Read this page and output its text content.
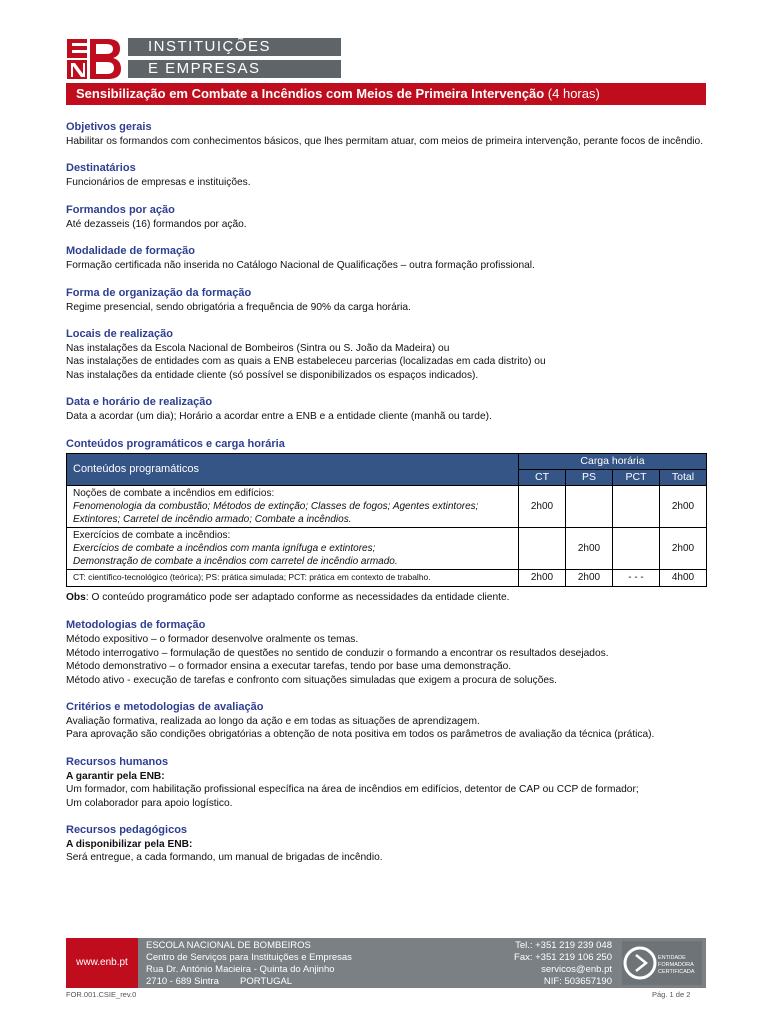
INSTITUIÇÕES
E EMPRESAS
Sensibilização em Combate a Incêndios com Meios de Primeira Intervenção (4 horas)
Objetivos gerais

Habilitar os formandos com conhecimentos básicos, que lhes permitam atuar, com meios de primeira intervenção, perante focos de incêndio.

Destinatários

Funcionários de empresas e instituições.

Formandos por ação

Até dezasseis (16) formandos por ação.

Modalidade de formação

Formação certificada não inserida no Catálogo Nacional de Qualificações – outra formação profissional.

Forma de organização da formação

Regime presencial, sendo obrigatória a frequência de 90% da carga horária.

Locais de realização

Nas instalações da Escola Nacional de Bombeiros (Sintra ou S. João da Madeira) ou

Nas instalações de entidades com as quais a ENB estabeleceu parcerias (localizadas em cada distrito) ou

Nas instalações da entidade cliente (só possível se disponibilizados os espaços indicados).

Data e horário de realização

Data a acordar (um dia); Horário a acordar entre a ENB e a entidade cliente (manhã ou tarde).

Conteúdos programáticos e carga horária
Conteúdos programáticos	Carga horária			
	CT	PS	PCT	Total

Noções de combate a incêndios em edifícios:
Fenomenologia da combustão; Métodos de extinção; Classes de fogos; Agentes extintores;
Extintores; Carretel de incêndio armado; Combate a incêndios.	2h00			2h00

Exercícios de combate a incêndios:
Exercícios de combate a incêndios com manta ignífuga e extintores;
Demonstração de combate a incêndios com carretel de incêndio armado.		2h00		2h00
CT: científico-tecnológico (teórica); PS: prática simulada; PCT: prática em contexto de trabalho.	2h00	2h00	- - -	4h00

Obs: O conteúdo programático pode ser adaptado conforme as necessidades da entidade cliente.

Metodologias de formação

Método expositivo – o formador desenvolve oralmente os temas.

Método interrogativo – formulação de questões no sentido de conduzir o formando a encontrar os resultados desejados.

Método demonstrativo – o formador ensina a executar tarefas, tendo por base uma demonstração.

Método ativo - execução de tarefas e confronto com situações simuladas que exigem a procura de soluções.

Critérios e metodologias de avaliação

Avaliação formativa, realizada ao longo da ação e em todas as situações de aprendizagem.

Para aprovação são condições obrigatórias a obtenção de nota positiva em todos os parâmetros de avaliação da técnica (prática).

Recursos humanos

A garantir pela ENB:

Um formador, com habilitação profissional específica na área de incêndios em edifícios, detentor de CAP ou CCP de formador;

Um colaborador para apoio logístico.

Recursos pedagógicos

A disponibilizar pela ENB:

Será entregue, a cada formando, um manual de brigadas de incêndio.

www.enb.pt
ESCOLA NACIONAL DE BOMBEIROS
Centro de Serviços para Instituições e Empresas
Rua Dr. António Macieira - Quinta do Anjinho
2710 - 689 Sintra        PORTUGAL
Tel.: +351 219 239 048
Fax: +351 219 106 250
servicos@enb.pt
NIF: 503657190
ENTIDADE FORMADORA CERTIFICADA
FOR.001.CSIE_rev.0	Pág. 1 de 2
